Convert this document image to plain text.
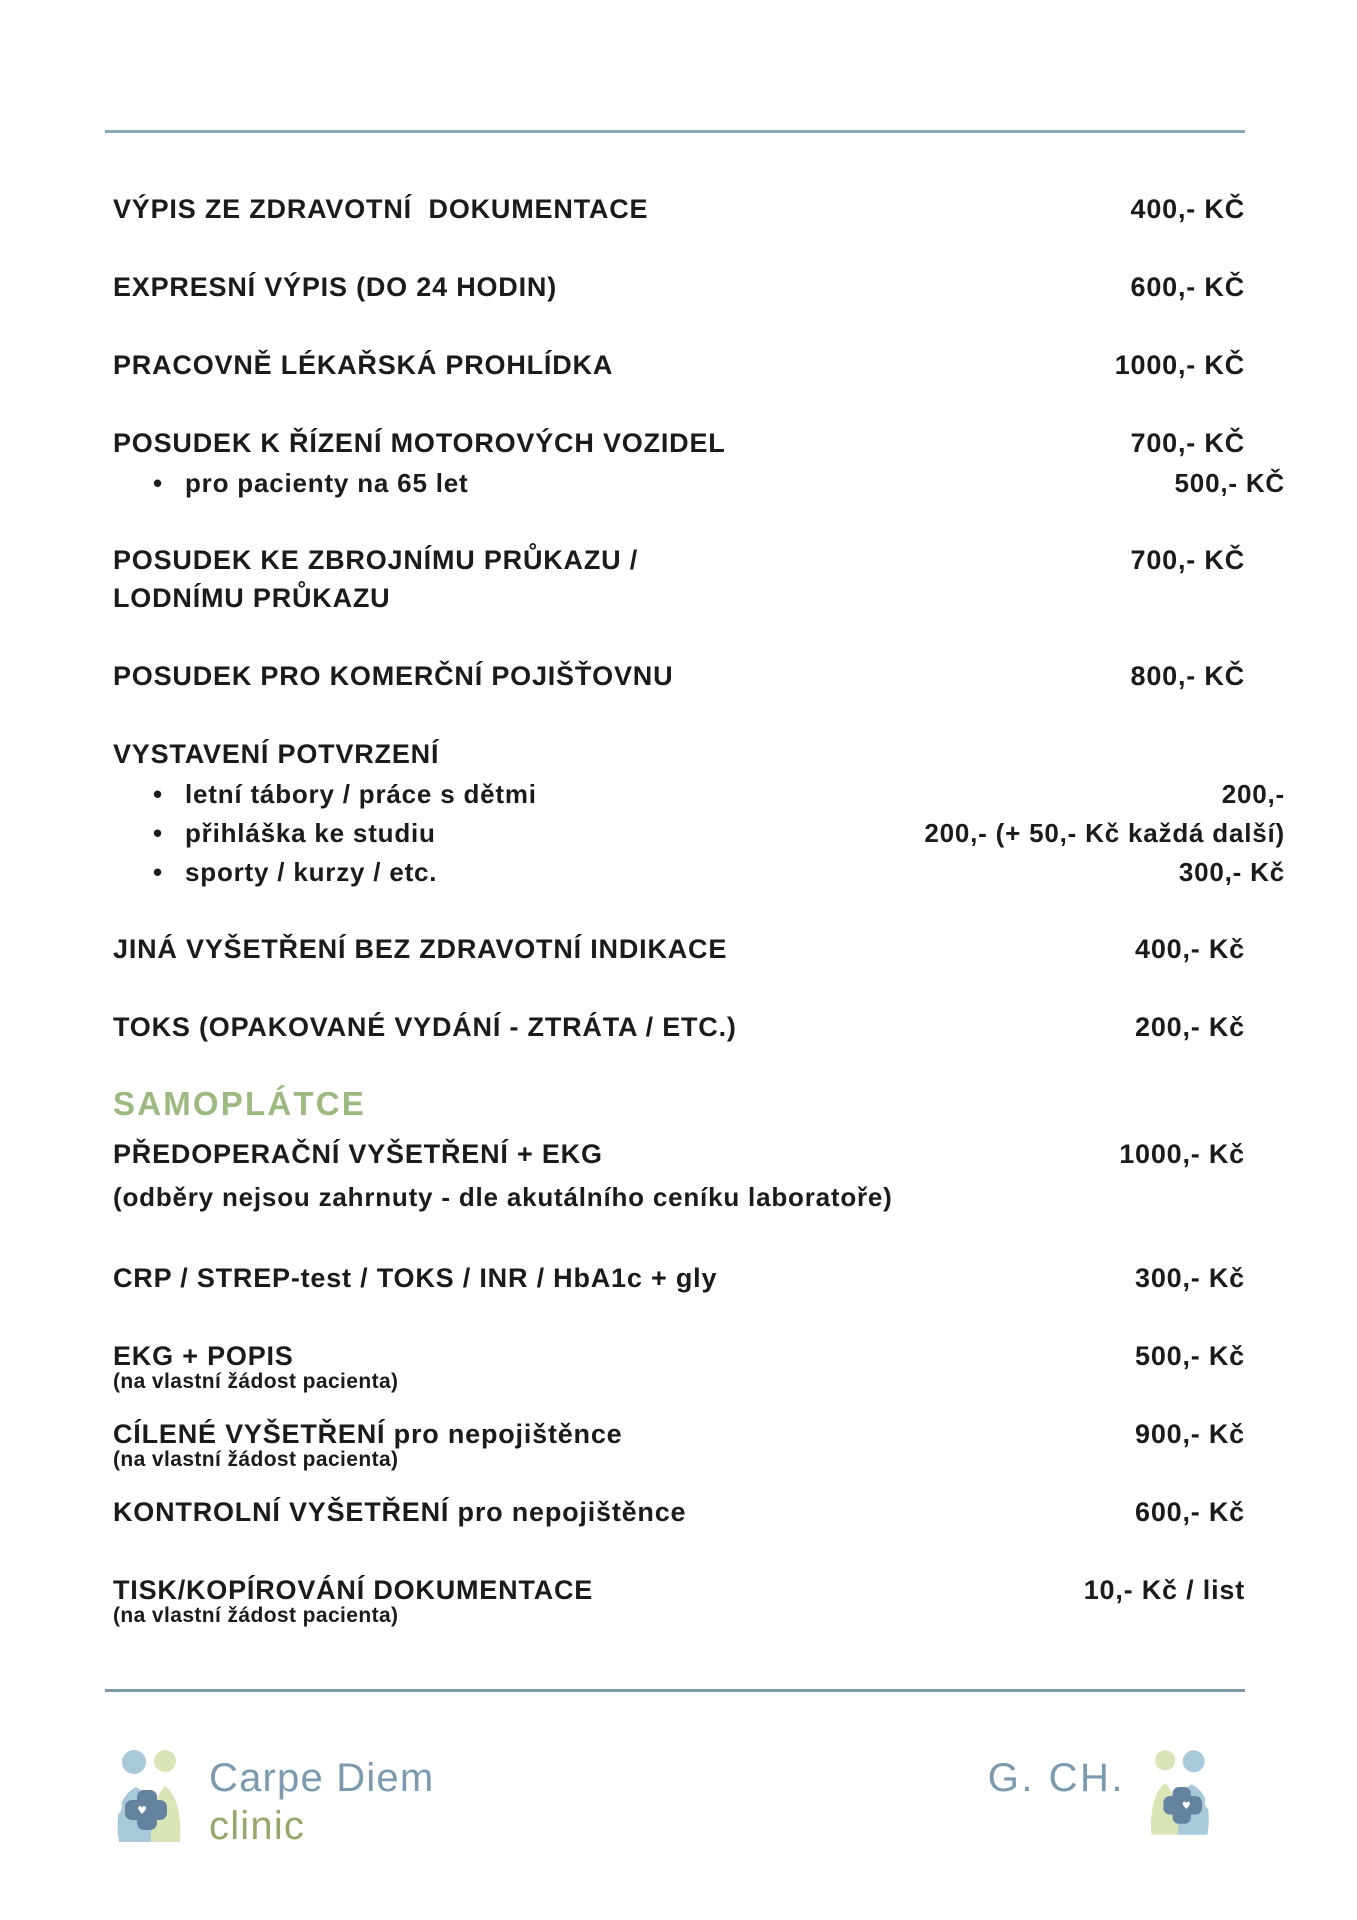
VÝPIS ZE ZDRAVOTNÍ  DOKUMENTACE	400,- KČ
EXPRESNÍ VÝPIS (DO 24 HODIN)	600,- KČ
PRACOVNĚ LÉKAŘSKÁ PROHLÍDKA	1000,- KČ
POSUDEK K ŘÍZENÍ MOTOROVÝCH VOZIDEL	700,- KČ
• pro pacienty na 65 let	500,- KČ
POSUDEK KE ZBROJNÍMU PRŮKAZU /	700,- KČ
LODNÍMU PRŮKAZU
POSUDEK PRO KOMERČNÍ POJIŠŤOVNU	800,- KČ
VYSTAVENÍ POTVRZENÍ
• letní tábory / práce s dětmi	200,-
• přihláška ke studiu	200,- (+ 50,- Kč každá další)
• sporty / kurzy / etc.	300,- Kč
JINÁ VYŠETŘENÍ BEZ ZDRAVOTNÍ INDIKACE	400,- Kč
TOKS (OPAKOVANÉ VYDÁNÍ - ZTRÁTA / ETC.)	200,- Kč
SAMOPLÁTCE
PŘEDOPERAČNÍ VYŠETŘENÍ + EKG	1000,- Kč
(odběry nejsou zahrnuty - dle akutálního ceníku laboratoře)
CRP / STREP-test / TOKS / INR / HbA1c + gly	300,- Kč
EKG + POPIS	500,- Kč
(na vlastní žádost pacienta)
CÍLENÉ VYŠETŘENÍ pro nepojištěnce	900,- Kč
(na vlastní žádost pacienta)
KONTROLNÍ VYŠETŘENÍ pro nepojištěnce	600,- Kč
TISK/KOPÍROVÁNÍ DOKUMENTACE	10,- Kč / list
(na vlastní žádost pacienta)
♥
Carpe Diem
clinic
G. CH.
♥
